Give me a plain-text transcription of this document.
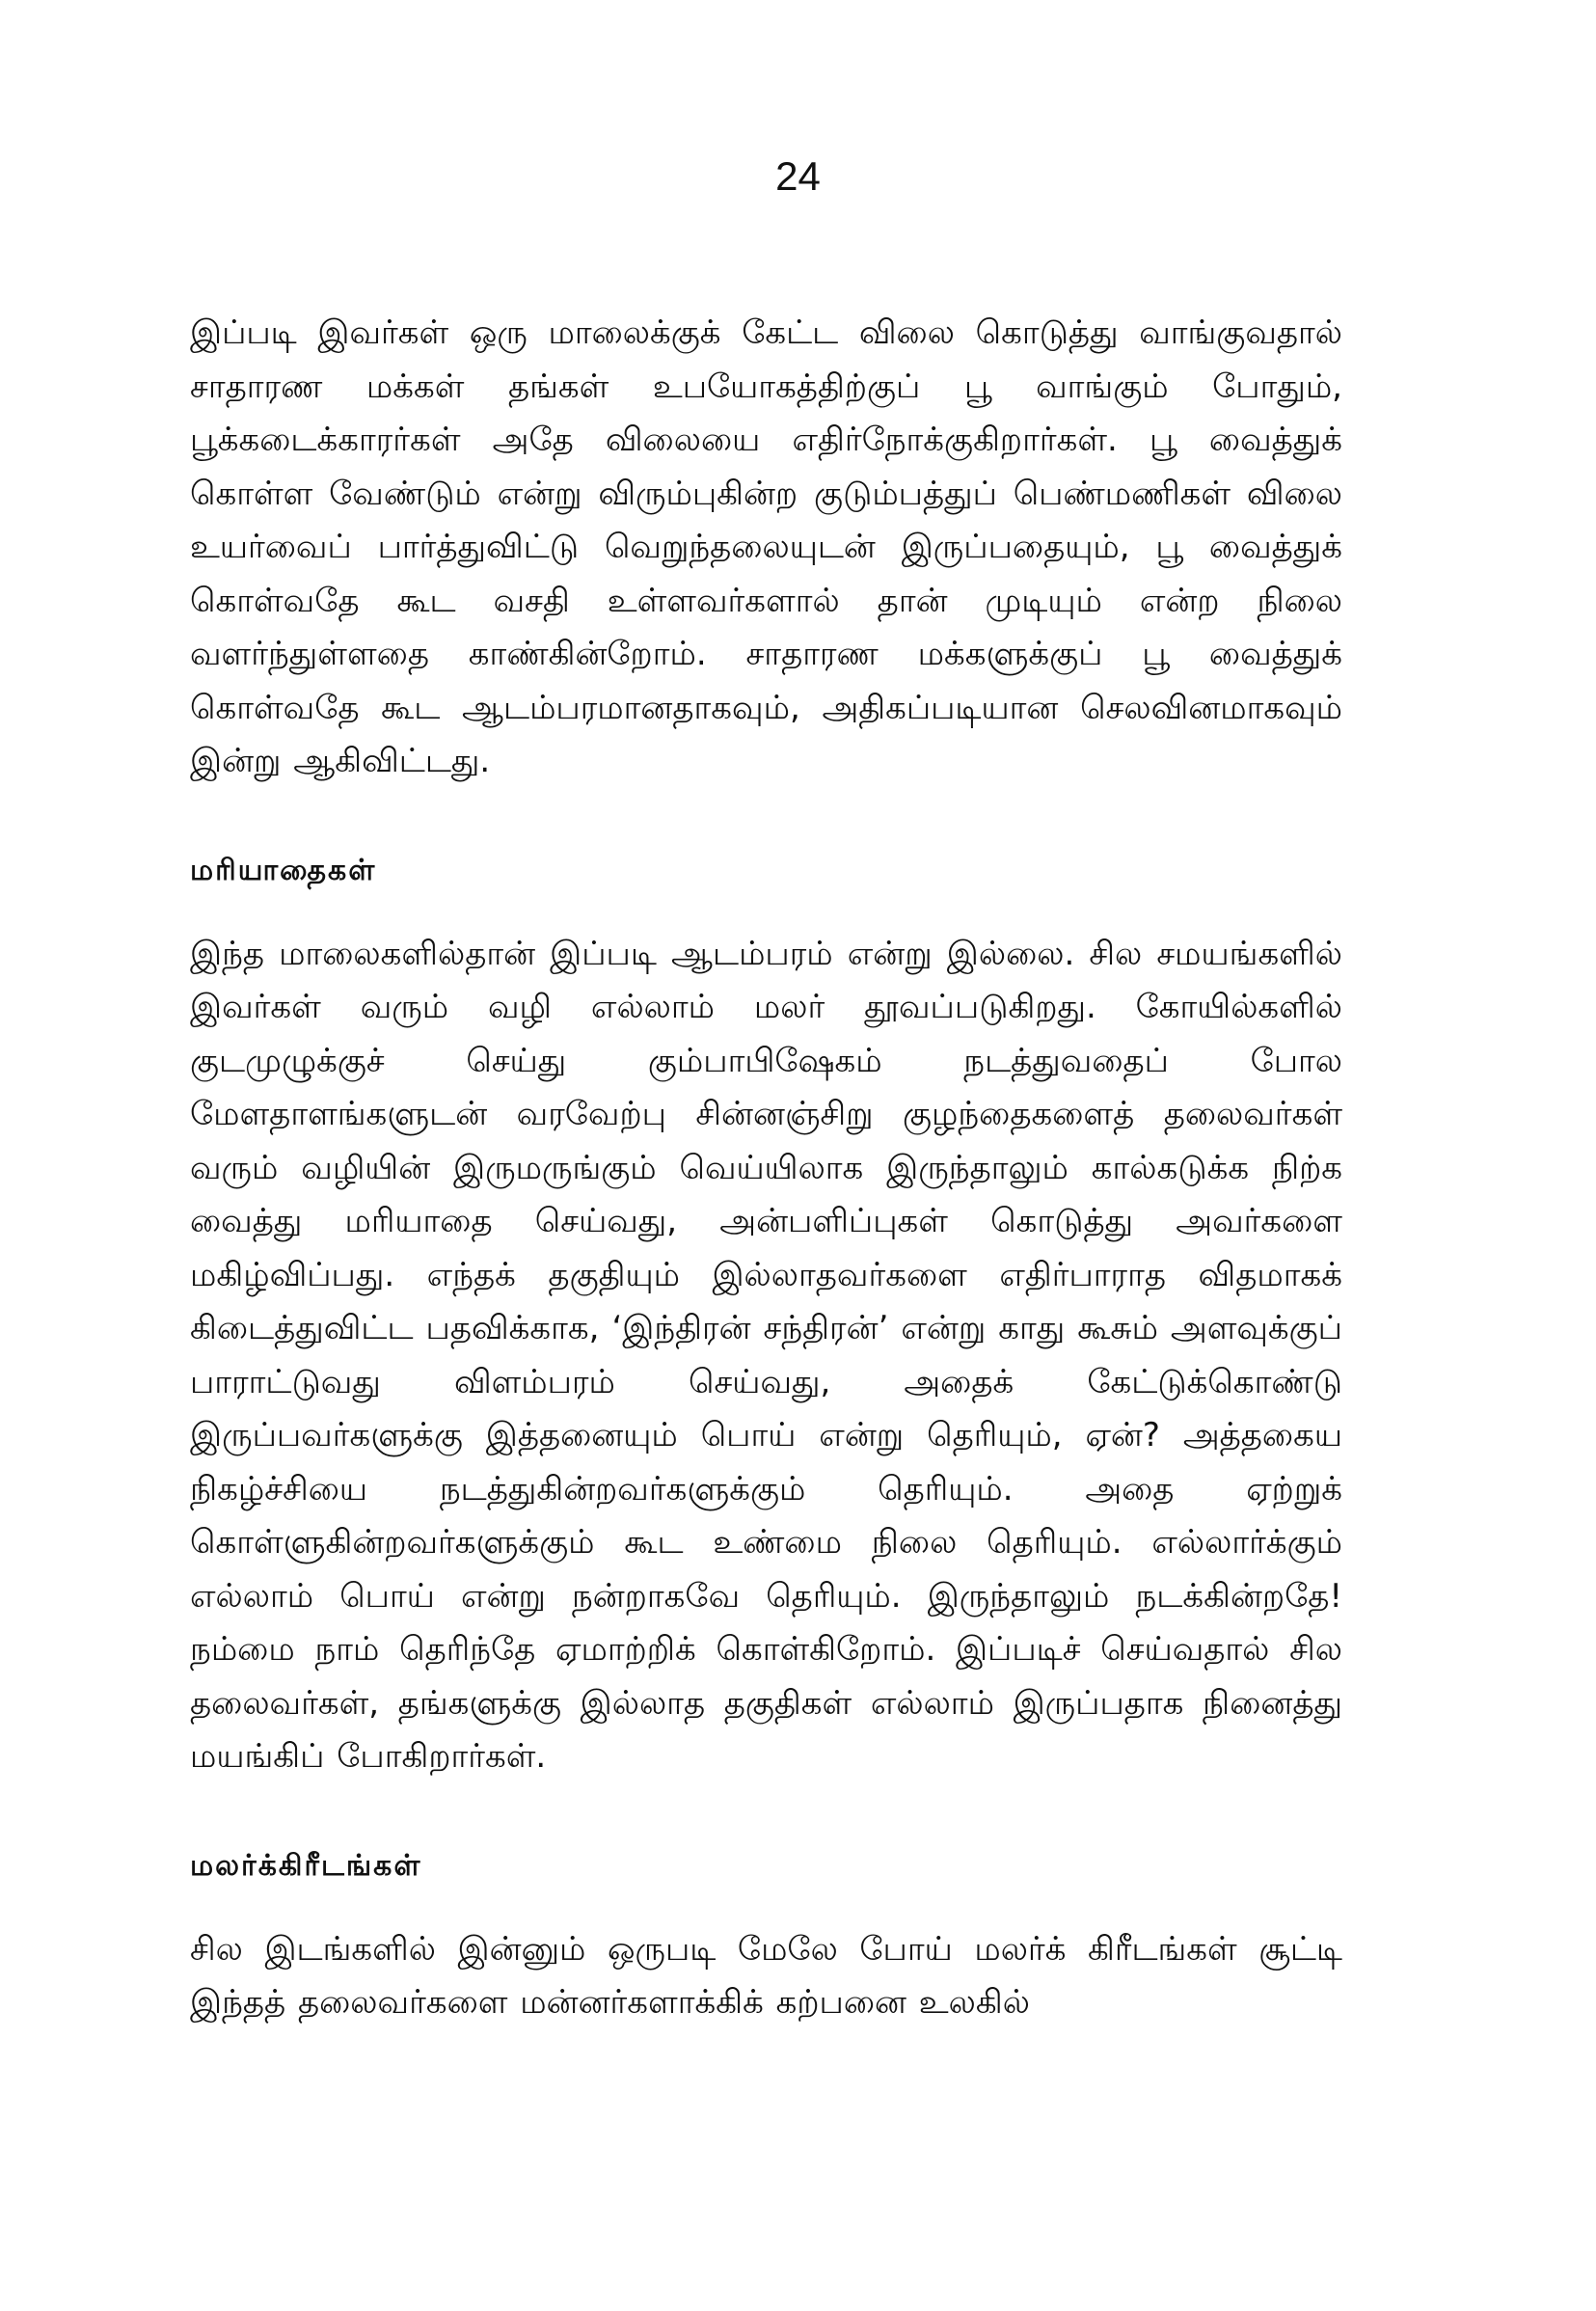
24

இப்படி இவர்கள் ஒரு மாலைக்குக் கேட்ட விலை கொடுத்து வாங்குவதால் சாதாரண மக்கள் தங்கள் உபயோகத்திற்குப் பூ வாங்கும் போதும், பூக்கடைக்காரர்கள் அதே விலையை எதிர்நோக்குகிறார்கள். பூ வைத்துக் கொள்ள வேண்டும் என்று விரும்புகின்ற குடும்பத்துப் பெண்மணிகள் விலை உயர்வைப் பார்த்துவிட்டு வெறுந்தலையுடன் இருப்பதையும், பூ வைத்துக் கொள்வதே கூட வசதி உள்ளவர்களால் தான் முடியும் என்ற நிலை வளர்ந்துள்ளதை காண்கின்றோம். சாதாரண மக்களுக்குப் பூ வைத்துக் கொள்வதே கூட ஆடம்பரமானதாகவும், அதிகப்படியான செலவினமாகவும் இன்று ஆகிவிட்டது.

மரியாதைகள்

இந்த மாலைகளில்தான் இப்படி ஆடம்பரம் என்று இல்லை. சில சமயங்களில் இவர்கள் வரும் வழி எல்லாம் மலர் தூவப்படுகிறது. கோயில்களில் குடமுழுக்குச் செய்து கும்பாபிஷேகம் நடத்துவதைப் போல மேளதாளங்களுடன் வரவேற்பு சின்னஞ்சிறு குழந்தைகளைத் தலைவர்கள் வரும் வழியின் இருமருங்கும் வெய்யிலாக இருந்தாலும் கால்கடுக்க நிற்க வைத்து மரியாதை செய்வது, அன்பளிப்புகள் கொடுத்து அவர்களை மகிழ்விப்பது. எந்தக் தகுதியும் இல்லாதவர்களை எதிர்பாராத விதமாகக் கிடைத்துவிட்ட பதவிக்காக, ‘இந்திரன் சந்திரன்’ என்று காது கூசும் அளவுக்குப் பாராட்டுவது விளம்பரம் செய்வது, அதைக் கேட்டுக்கொண்டு இருப்பவர்களுக்கு இத்தனையும் பொய் என்று தெரியும், ஏன்? அத்தகைய நிகழ்ச்சியை நடத்துகின்றவர்களுக்கும் தெரியும். அதை ஏற்றுக் கொள்ளுகின்றவர்களுக்கும் கூட உண்மை நிலை தெரியும். எல்லார்க்கும் எல்லாம் பொய் என்று நன்றாகவே தெரியும். இருந்தாலும் நடக்கின்றதே! நம்மை நாம் தெரிந்தே ஏமாற்றிக் கொள்கிறோம். இப்படிச் செய்வதால் சில தலைவர்கள், தங்களுக்கு இல்லாத தகுதிகள் எல்லாம் இருப்பதாக நினைத்து மயங்கிப் போகிறார்கள்.

மலர்க்கிரீடங்கள்

சில இடங்களில் இன்னும் ஒருபடி மேலே போய் மலர்க் கிரீடங்கள் சூட்டி இந்தத் தலைவர்களை மன்னர்களாக்கிக் கற்பனை உலகில்
